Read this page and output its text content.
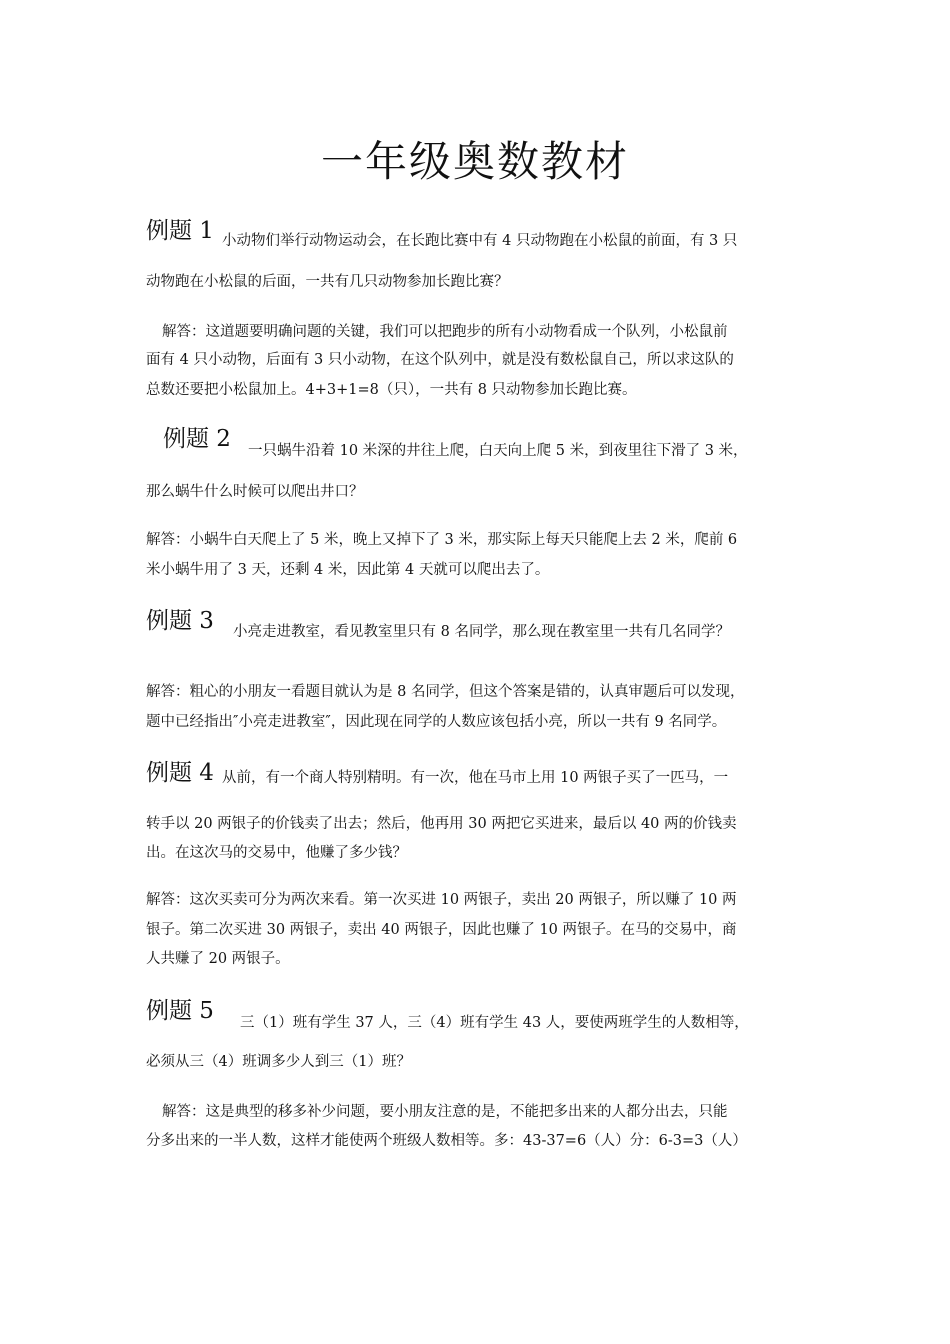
一年级奥数教材
例题 1 小动物们举行动物运动会，在长跑比赛中有 4 只动物跑在小松鼠的前面，有 3 只
动物跑在小松鼠的后面，一共有几只动物参加长跑比赛？
解答：这道题要明确问题的关键，我们可以把跑步的所有小动物看成一个队列，小松鼠前
面有 4 只小动物，后面有 3 只小动物，在这个队列中，就是没有数松鼠自己，所以求这队的
总数还要把小松鼠加上。4+3+1=8（只），一共有 8 只动物参加长跑比赛。
例题 2 一只蜗牛沿着 10 米深的井往上爬，白天向上爬 5 米，到夜里往下滑了 3 米，
那么蜗牛什么时候可以爬出井口？
解答：小蜗牛白天爬上了 5 米，晚上又掉下了 3 米，那实际上每天只能爬上去 2 米，爬前 6
米小蜗牛用了 3 天，还剩 4 米，因此第 4 天就可以爬出去了。
例题 3 小亮走进教室，看见教室里只有 8 名同学，那么现在教室里一共有几名同学？
解答：粗心的小朋友一看题目就认为是 8 名同学，但这个答案是错的，认真审题后可以发现，
题中已经指出″小亮走进教室″，因此现在同学的人数应该包括小亮，所以一共有 9 名同学。
例题 4 从前，有一个商人特别精明。有一次，他在马市上用 10 两银子买了一匹马，一
转手以 20 两银子的价钱卖了出去；然后，他再用 30 两把它买进来，最后以 40 两的价钱卖
出。在这次马的交易中，他赚了多少钱？
解答：这次买卖可分为两次来看。第一次买进 10 两银子，卖出 20 两银子，所以赚了 10 两
银子。第二次买进 30 两银子，卖出 40 两银子，因此也赚了 10 两银子。在马的交易中，商
人共赚了 20 两银子。
例题 5 三（1）班有学生 37 人，三（4）班有学生 43 人，要使两班学生的人数相等，
必须从三（4）班调多少人到三（1）班？
解答：这是典型的移多补少问题，要小朋友注意的是，不能把多出来的人都分出去，只能
分多出来的一半人数，这样才能使两个班级人数相等。多：43-37=6（人）分：6-3=3（人）
